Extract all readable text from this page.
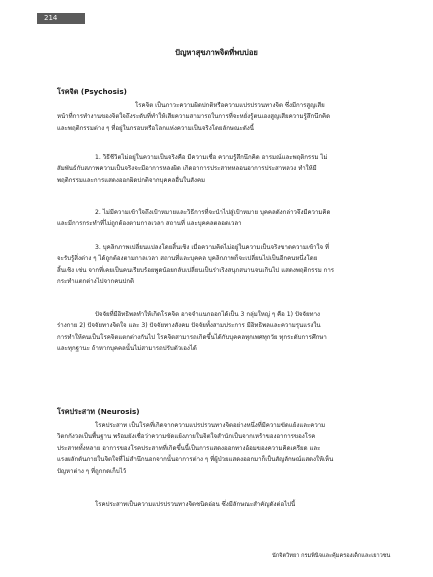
214
ปัญหาสุขภาพจิตที่พบบ่อย
โรคจิต (Psychosis)
โรคจิต เป็นภาวะความผิดปกติหรือความแปรปรวนทางจิต ซึ่งมีการสูญเสีย
หน้าที่การทำงานของจิตใจถึงระดับที่ทำให้เสียความสามารถในการที่จะหยั่งรู้ตนเองสูญเสียความรู้สึกนึกคิด
และพฤติกรรมต่าง ๆ ที่อยู่ในกรอบหรือโลกแห่งความเป็นจริงโดยลักษณะดังนี้
1. วิธีชีวิตไม่อยู่ในความเป็นจริงคือ มีความเชื่อ ความรู้สึกนึกคิด อารมณ์และพฤติกรรม ไม่
สัมพันธ์กับสภาพความเป็นจริงจะมีอาการหลงผิด เกิดอาการประสาทหลอนอาการประสาทลวง ทำให้มี
พฤติกรรมและการแสดงออกผิดปกติจากบุคคลอื่นในสังคม
2. ไม่มีความเข้าใจถึงเป้าหมายและวิธีการที่จะนำไปสู่เป้าหมาย บุคคลดังกล่าวจึงมีความคิด
และมีการกระทำที่ไม่ถูกต้องตามกาลเวลา สถานที่ และบุคคลตลอดเวลา
3. บุคลิกภาพเปลี่ยนแปลงโดยสิ้นเชิง เมื่อความคิดไม่อยู่ในความเป็นจริงขาดความเข้าใจ ที่
จะรับรู้สิ่งต่าง ๆ ได้ถูกต้องตามกาลเวลา สถานที่และบุคคล บุคลิกภาพก็จะเปลี่ยนไปเป็นอีกคนหนึ่งโดย
สิ้นเชิง เช่น จากที่เคยเป็นคนเรียบร้อยพูดน้อยกลับเปลี่ยนเป็นร่าเริงสนุกสนานจนเกินไป แสดงพฤติกรรม การ
กระทำแตกต่างไปจากคนปกติ
ปัจจัยที่มีอิทธิพลทำให้เกิดโรคจิต อาจจำแนกออกได้เป็น 3 กลุ่มใหญ่ ๆ คือ 1) ปัจจัยทาง
ร่างกาย 2) ปัจจัยทางจิตใจ และ 3) ปัจจัยทางสังคม ปัจจัยทั้งสามประการ มีอิทธิพลและความรุนแรงใน
การทำให้คนเป็นโรคจิตแตกต่างกันไป โรคจิตสามารถเกิดขึ้นได้กับบุคคลทุกเพศทุกวัย ทุกระดับการศึกษา
และทุกฐานะ ถ้าหากบุคคลนั้นไม่สามารถปรับตัวเองได้
โรคประสาท (Neurosis)
โรคประสาท เป็นโรคที่เกิดจากความแปรปรวนทางจิตอย่างหนึ่งที่มีความขัดแย้งและความ
วิตกกังวลเป็นพื้นฐาน พร้อมยังเชื่อว่าความขัดแย้งภายในจิตใจสำนักเป็นจากเหร้าของอาการของโรค
ประสาททั้งหลาย อาการของโรคประสาทที่เกิดขึ้นนี้เป็นการแสดงออกทางอ้อมของความคิดเครียด และ
แรงผลักดันภายในจิตใจที่ไม่สำนึกนอกจากนั้นอาการต่าง ๆ ที่ผู้ป่วยแสดงออกมาก็เป็นสัญลักษณ์แสดงให้เห็น
ปัญหาต่าง ๆ ที่ถูกกดเก็บไว้
โรคประสาทเป็นความแปรปรวนทางจิตชนิดอ่อน ซึ่งมีลักษณะสำคัญดังต่อไปนี้
นักจิตวิทยา กรมพินิจและคุ้มครองเด็กและเยาวชน
